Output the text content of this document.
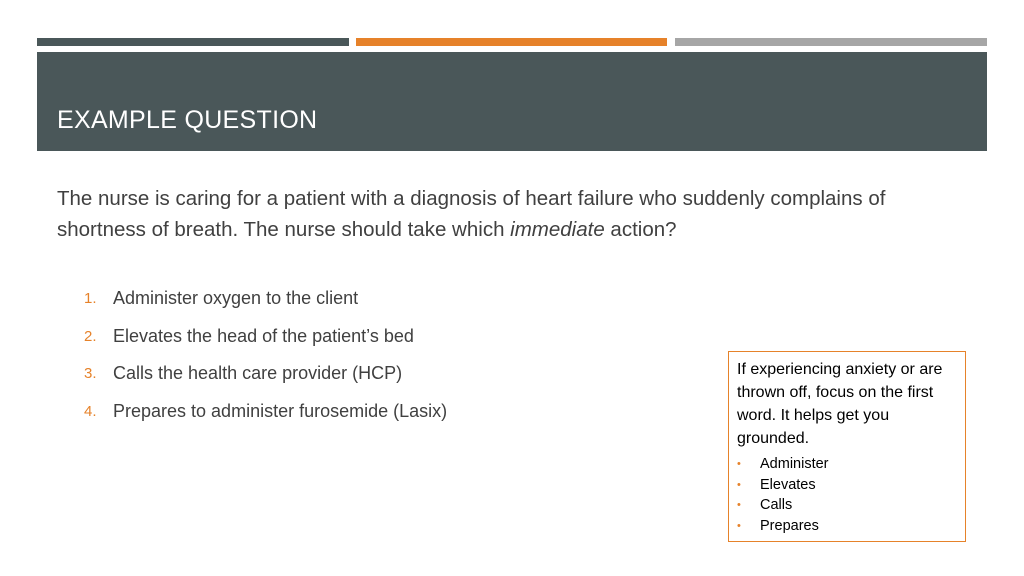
EXAMPLE QUESTION

The nurse is caring for a patient with a diagnosis of heart failure who suddenly complains of shortness of breath. The nurse should take which immediate action?

1. Administer oxygen to the client
2. Elevates the head of the patient’s bed
3. Calls the health care provider (HCP)
4. Prepares to administer furosemide (Lasix)

If experiencing anxiety or are thrown off, focus on the first word. It helps get you grounded.

•	Administer
•	Elevates
•	Calls
•	Prepares
